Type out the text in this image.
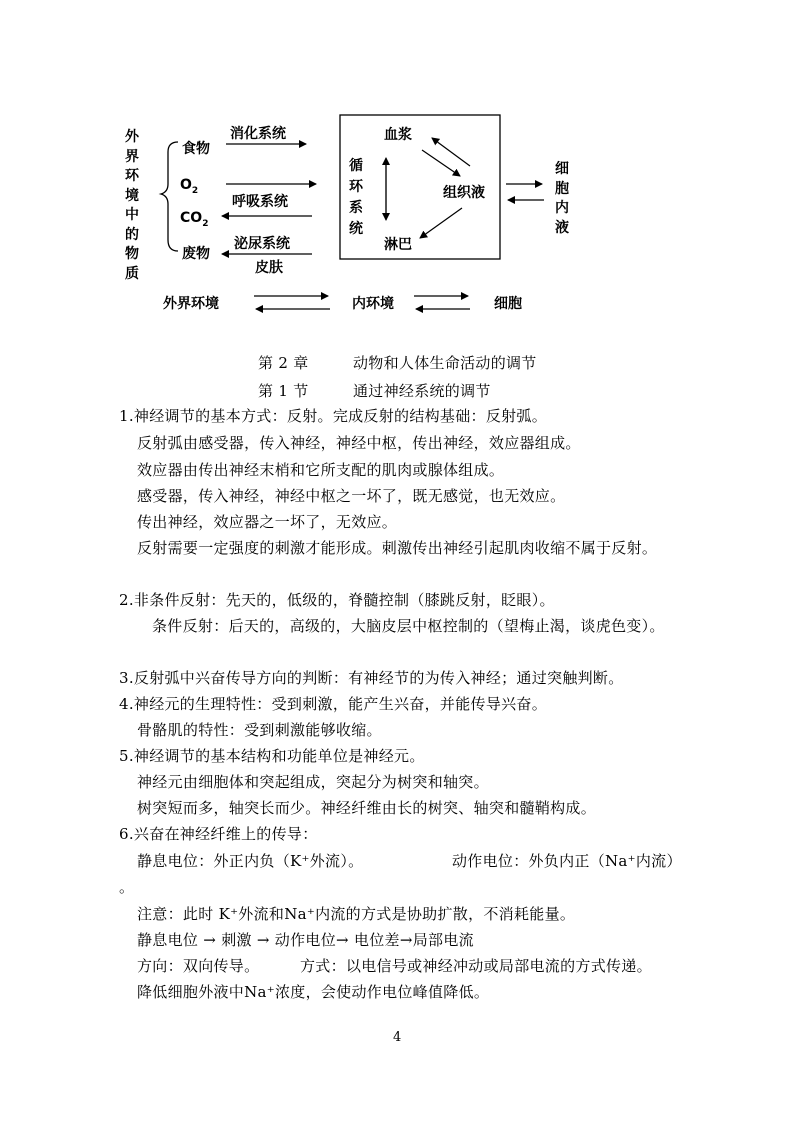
外界环境中的物质
食物
$O_2$
$CO_2$
废物
消化系统
呼吸系统
泌尿系统
皮肤
循环系统
血浆
组织液
淋巴
细胞内液
外界环境	内环境	细胞
第 2 章	动物和人体生命活动的调节
第 1 节	通过神经系统的调节
1.神经调节的基本方式：反射。完成反射的结构基础：反射弧。
反射弧由感受器，传入神经，神经中枢，传出神经，效应器组成。
效应器由传出神经末梢和它所支配的肌肉或腺体组成。
感受器，传入神经，神经中枢之一坏了，既无感觉，也无效应。
传出神经，效应器之一坏了，无效应。
反射需要一定强度的刺激才能形成。刺激传出神经引起肌肉收缩不属于反射。
2.非条件反射：先天的，低级的，脊髓控制（膝跳反射，眨眼）。
条件反射：后天的，高级的，大脑皮层中枢控制的（望梅止渴，谈虎色变）。
3.反射弧中兴奋传导方向的判断：有神经节的为传入神经；通过突触判断。
4.神经元的生理特性：受到刺激，能产生兴奋，并能传导兴奋。
骨骼肌的特性：受到刺激能够收缩。
5.神经调节的基本结构和功能单位是神经元。
神经元由细胞体和突起组成，突起分为树突和轴突。
树突短而多，轴突长而少。神经纤维由长的树突、轴突和髓鞘构成。
6.兴奋在神经纤维上的传导：
静息电位：外正内负（K⁺外流）。	动作电位：外负内正（Na⁺内流）
。
注意：此时 K⁺外流和Na⁺内流的方式是协助扩散，不消耗能量。
静息电位 → 刺激 → 动作电位→ 电位差→局部电流
方向：双向传导。	方式：以电信号或神经冲动或局部电流的方式传递。
降低细胞外液中Na⁺浓度，会使动作电位峰值降低。
4
